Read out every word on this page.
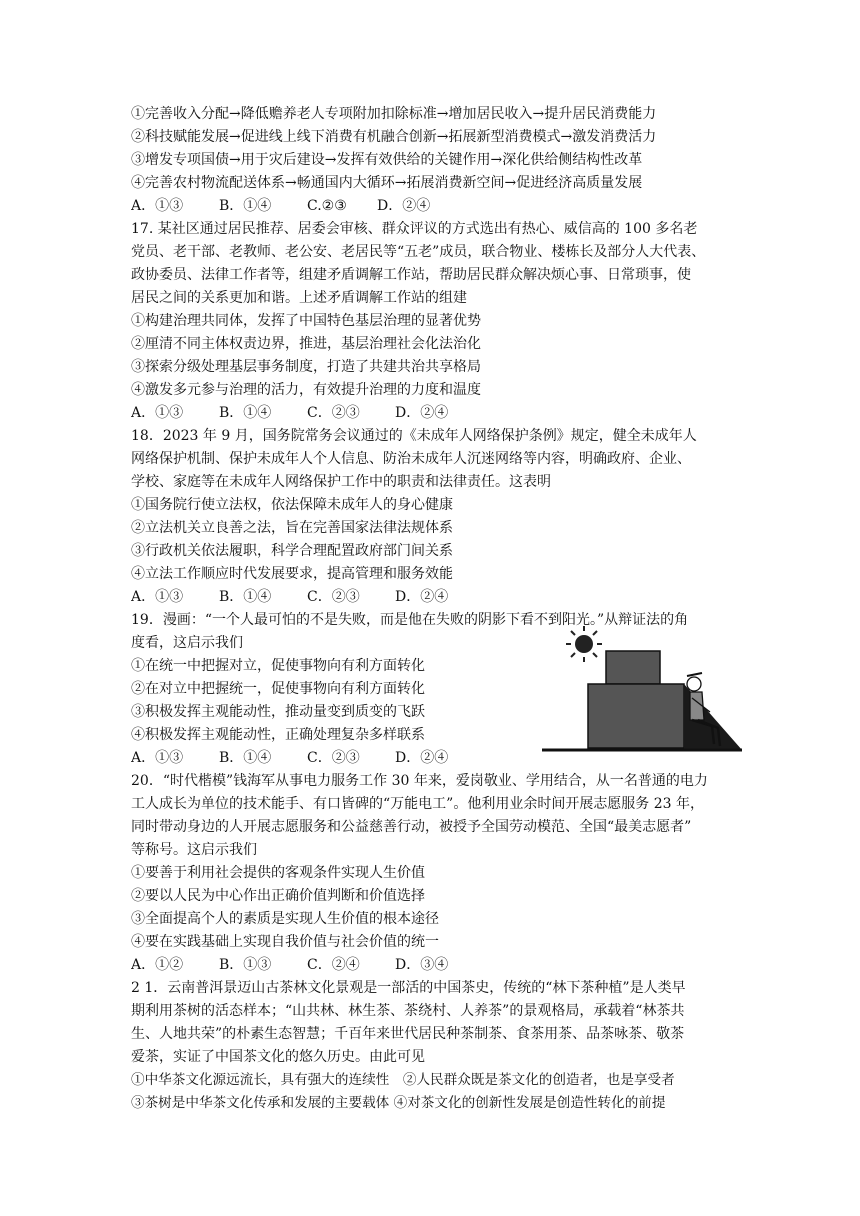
①完善收入分配→降低赡养老人专项附加扣除标准→增加居民收入→提升居民消费能力
②科技赋能发展→促进线上线下消费有机融合创新→拓展新型消费模式→激发消费活力
③增发专项国债→用于灾后建设→发挥有效供给的关键作用→深化供给侧结构性改革
④完善农村物流配送体系→畅通国内大循环→拓展消费新空间→促进经济高质量发展
A．①③	B．①④	C.②③ D．②④
17. 某社区通过居民推荐、居委会审核、群众评议的方式选出有热心、威信高的 100 多名老
党员、老干部、老教师、老公安、老居民等“五老”成员，联合物业、楼栋长及部分人大代表、
政协委员、法律工作者等，组建矛盾调解工作站，帮助居民群众解决烦心事、日常琐事，使
居民之间的关系更加和谐。上述矛盾调解工作站的组建
①构建治理共同体，发挥了中国特色基层治理的显著优势
②厘清不同主体权责边界，推进，基层治理社会化法治化
③探索分级处理基层事务制度，打造了共建共治共享格局
④激发多元参与治理的活力，有效提升治理的力度和温度
A．①③	B．①④	C．②③	D．②④
18．2023 年 9 月，国务院常务会议通过的《未成年人网络保护条例》规定，健全未成年人
网络保护机制、保护未成年人个人信息、防治未成年人沉迷网络等内容，明确政府、企业、
学校、家庭等在未成年人网络保护工作中的职责和法律责任。这表明
①国务院行使立法权，依法保障未成年人的身心健康
②立法机关立良善之法，旨在完善国家法律法规体系
③行政机关依法履职，科学合理配置政府部门间关系
④立法工作顺应时代发展要求，提高管理和服务效能
A．①③	B．①④	C．②③	D．②④
19．漫画：“一个人最可怕的不是失败，而是他在失败的阴影下看不到阳光。”从辩证法的角
度看，这启示我们
①在统一中把握对立，促使事物向有利方面转化
②在对立中把握统一，促使事物向有利方面转化
③积极发挥主观能动性，推动量变到质变的飞跃
④积极发挥主观能动性，正确处理复杂多样联系
A．①③	B．①④	C．②③	D．②④
20．“时代楷模”钱海军从事电力服务工作 30 年来，爱岗敬业、学用结合，从一名普通的电力
工人成长为单位的技术能手、有口皆碑的“万能电工”。他利用业余时间开展志愿服务 23 年，
同时带动身边的人开展志愿服务和公益慈善行动，被授予全国劳动模范、全国“最美志愿者”
等称号。这启示我们
①要善于利用社会提供的客观条件实现人生价值
②要以人民为中心作出正确价值判断和价值选择
③全面提高个人的素质是实现人生价值的根本途径
④要在实践基础上实现自我价值与社会价值的统一
A．①②	B．①③	C．②④	D．③④
2 1．云南普洱景迈山古茶林文化景观是一部活的中国茶史，传统的“林下茶种植”是人类早
期利用茶树的活态样本；“山共林、林生茶、茶绕村、人养茶”的景观格局，承载着“林茶共
生、人地共荣”的朴素生态智慧；千百年来世代居民种茶制茶、食茶用茶、品茶咏茶、敬茶
爱茶，实证了中国茶文化的悠久历史。由此可见
①中华茶文化源远流长，具有强大的连续性　②人民群众既是茶文化的创造者，也是享受者
③茶树是中华茶文化传承和发展的主要载体 ④对茶文化的创新性发展是创造性转化的前提
